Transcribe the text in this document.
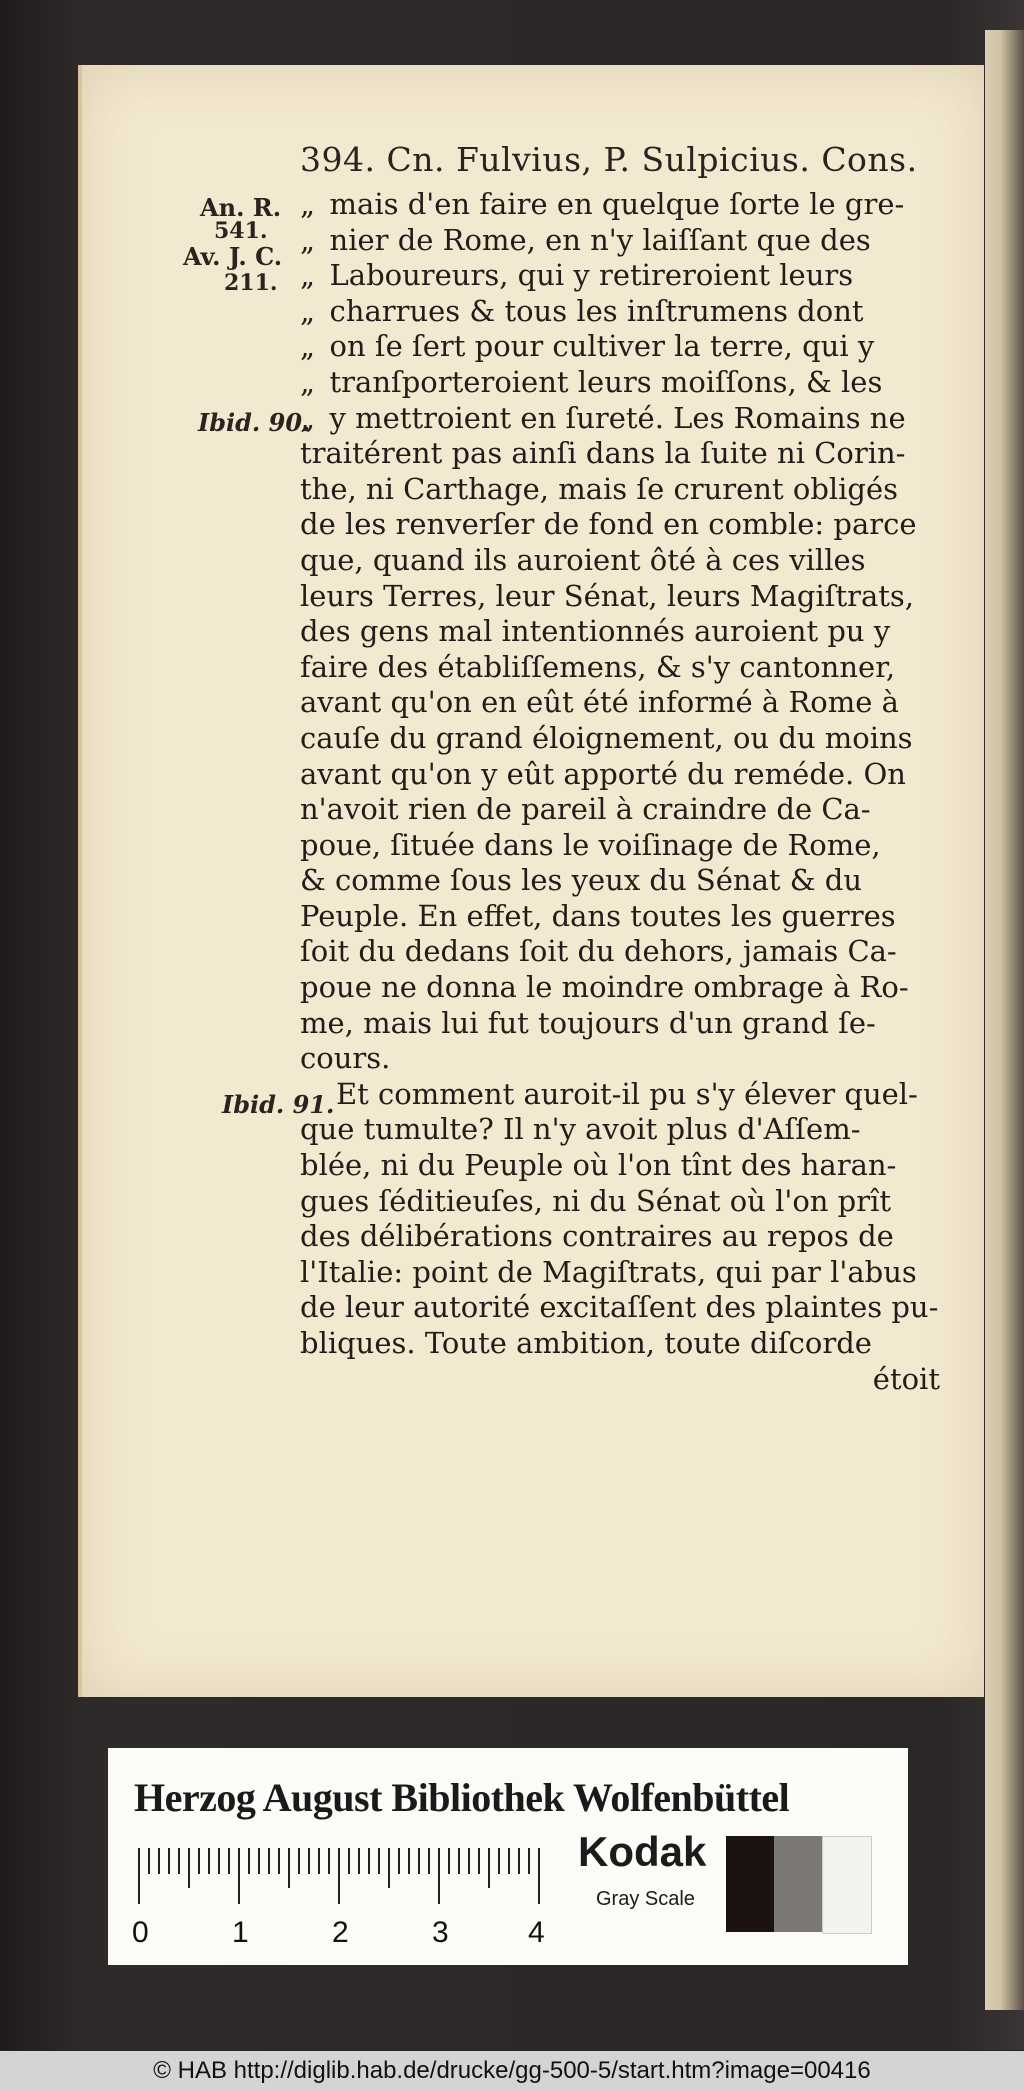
394. Cn. Fulvius, P. Sulpicius. Cons.
An. R.
541.
Av. J. C.
211.
Ibid. 90.
Ibid. 91.
„ mais d'en faire en quelque ſorte le gre-
„ nier de Rome, en n'y laiſſant que des
„ Laboureurs, qui y retireroient leurs
„ charrues & tous les inſtrumens dont
„ on ſe ſert pour cultiver la terre, qui y
„ tranſporteroient leurs moiſſons, & les
„ y mettroient en ſureté. Les Romains ne
traitérent pas ainſi dans la ſuite ni Corin-
the, ni Carthage, mais ſe crurent obligés
de les renverſer de fond en comble: parce
que, quand ils auroient ôté à ces villes
leurs Terres, leur Sénat, leurs Magiſtrats,
des gens mal intentionnés auroient pu y
faire des établiſſemens, & s'y cantonner,
avant qu'on en eût été informé à Rome à
cauſe du grand éloignement, ou du moins
avant qu'on y eût apporté du reméde. On
n'avoit rien de pareil à craindre de Ca-
poue, ſituée dans le voiſinage de Rome,
& comme ſous les yeux du Sénat & du
Peuple. En effet, dans toutes les guerres
ſoit du dedans ſoit du dehors, jamais Ca-
poue ne donna le moindre ombrage à Ro-
me, mais lui fut toujours d'un grand ſe-
cours.
Et comment auroit-il pu s'y élever quel-
que tumulte? Il n'y avoit plus d'Aſſem-
blée, ni du Peuple où l'on tînt des haran-
gues ſéditieuſes, ni du Sénat où l'on prît
des délibérations contraires au repos de
l'Italie: point de Magiſtrats, qui par l'abus
de leur autorité excitaſſent des plaintes pu-
bliques. Toute ambition, toute diſcorde
étoit
Herzog August Bibliothek Wolfenbüttel
0	1	2	3	4
Kodak
Gray Scale
© HAB http://diglib.hab.de/drucke/gg-500-5/start.htm?image=00416
